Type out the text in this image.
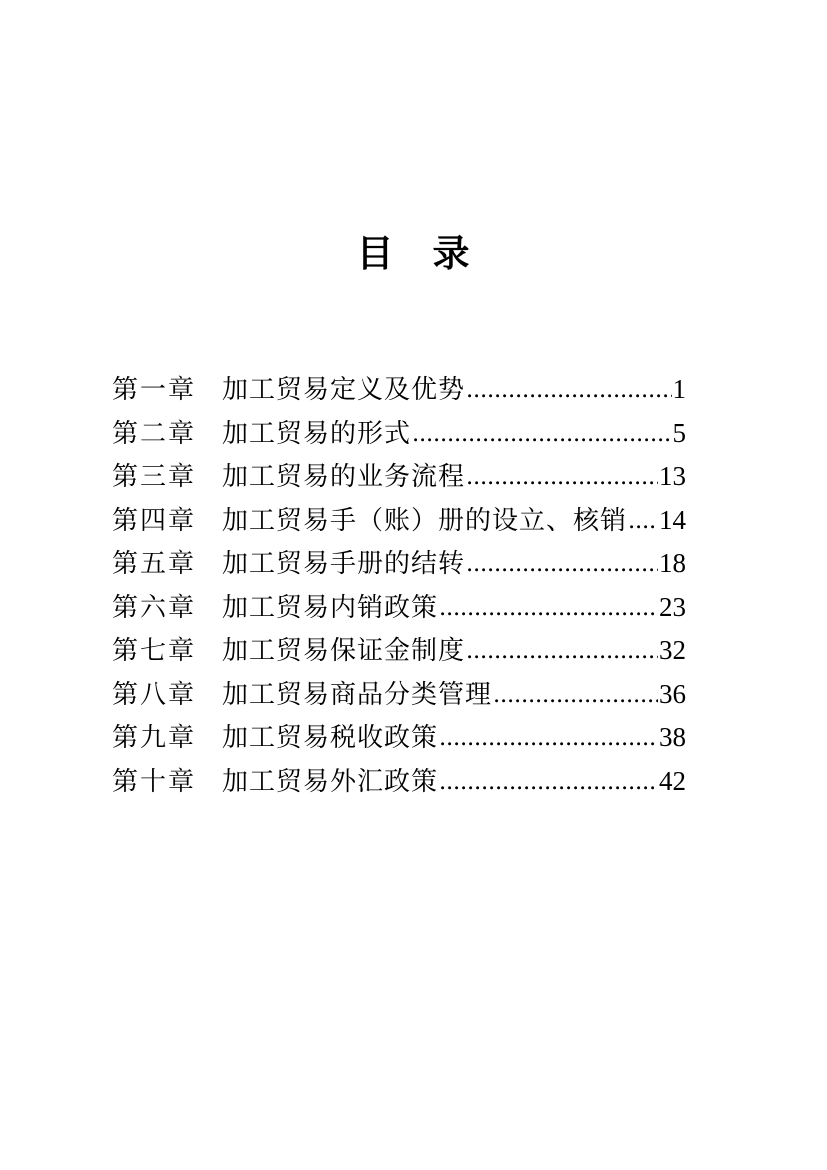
目　录
第一章 加工贸易定义及优势	1
第二章 加工贸易的形式	5
第三章 加工贸易的业务流程	13
第四章 加工贸易手（账）册的设立、核销 14
第五章 加工贸易手册的结转	18
第六章 加工贸易内销政策	23
第七章 加工贸易保证金制度	32
第八章 加工贸易商品分类管理	36
第九章 加工贸易税收政策	38
第十章 加工贸易外汇政策	42
